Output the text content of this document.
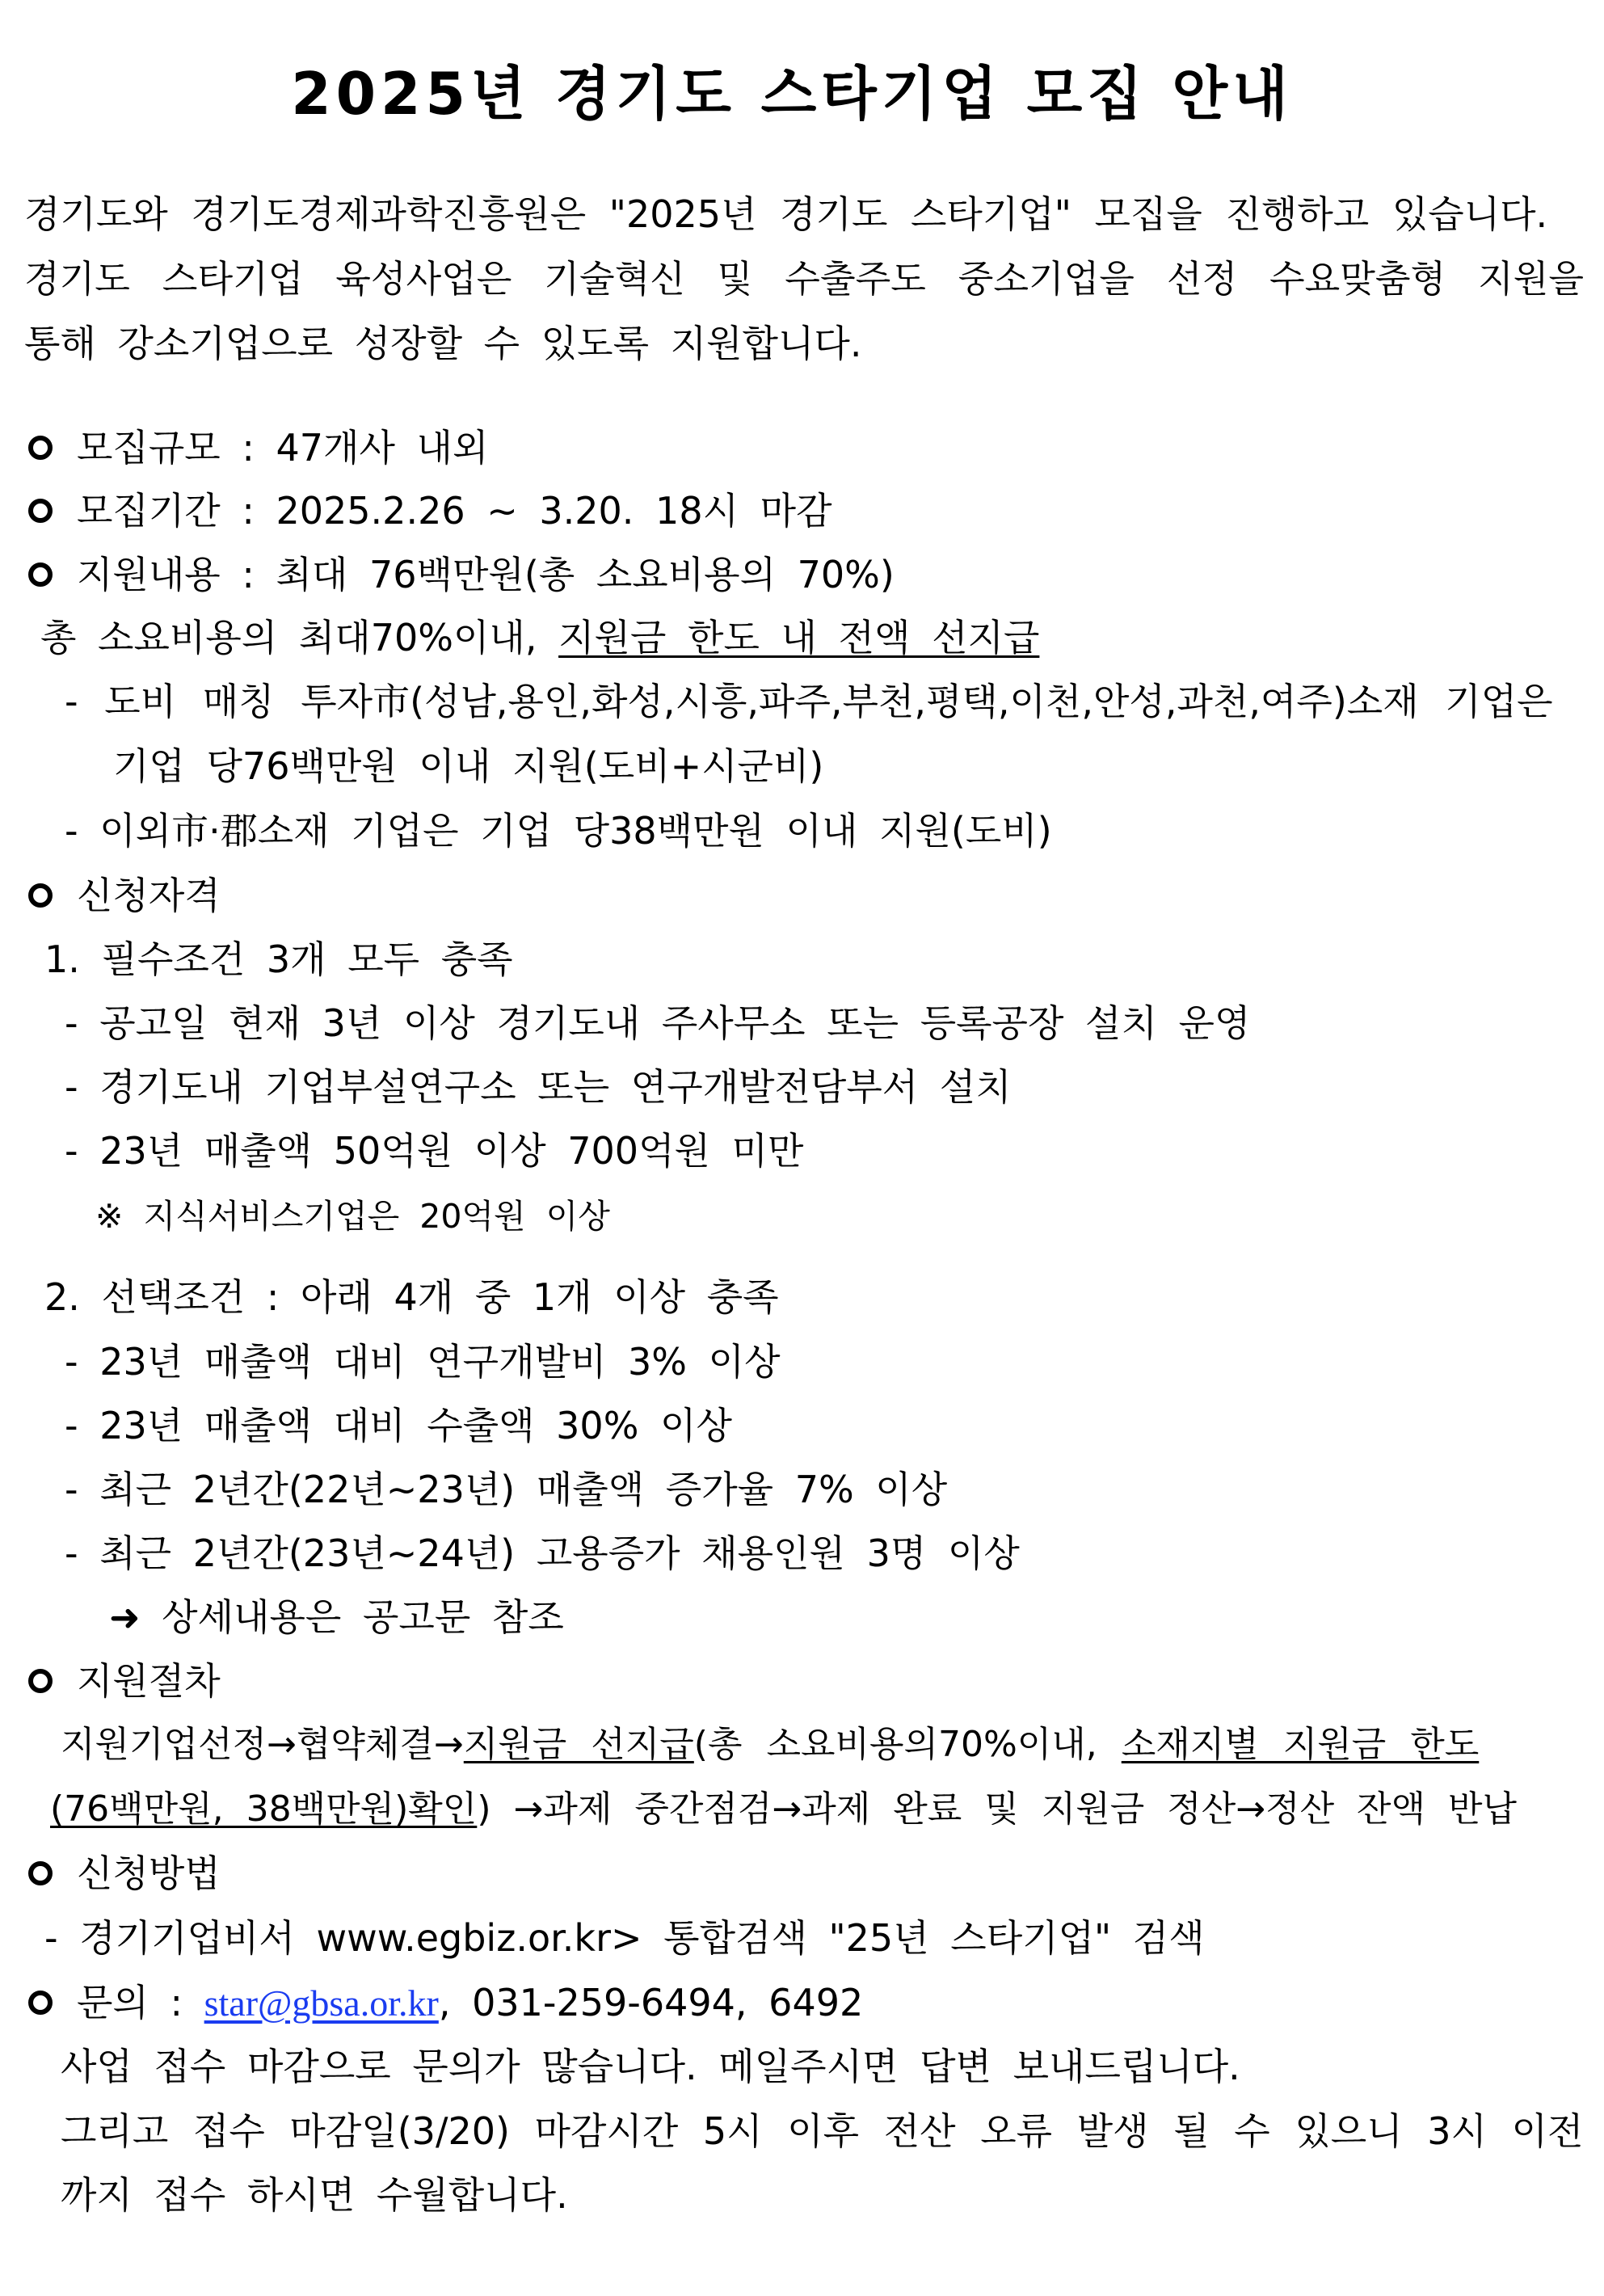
2025년 경기도 스타기업 모집 안내
경기도와 경기도경제과학진흥원은 "2025년 경기도 스타기업" 모집을 진행하고 있습니다.
경기도 스타기업 육성사업은 기술혁신 및 수출주도 중소기업을 선정 수요맞춤형 지원을
통해 강소기업으로 성장할 수 있도록 지원합니다.
모집규모 : 47개사 내외
모집기간 : 2025.2.26 ~ 3.20. 18시 마감
지원내용 : 최대 76백만원(총 소요비용의 70%)
총 소요비용의 최대70%이내, 지원금 한도 내 전액 선지급
- 도비 매칭 투자市(성남,용인,화성,시흥,파주,부천,평택,이천,안성,과천,여주)소재 기업은
기업 당76백만원 이내 지원(도비+시군비)
- 이외市·郡소재 기업은 기업 당38백만원 이내 지원(도비)
신청자격
1. 필수조건 3개 모두 충족
- 공고일 현재 3년 이상 경기도내 주사무소 또는 등록공장 설치 운영
- 경기도내 기업부설연구소 또는 연구개발전담부서 설치
- 23년 매출액 50억원 이상 700억원 미만
※ 지식서비스기업은 20억원 이상
2. 선택조건 : 아래 4개 중 1개 이상 충족
- 23년 매출액 대비 연구개발비 3% 이상
- 23년 매출액 대비 수출액 30% 이상
- 최근 2년간(22년~23년) 매출액 증가율 7% 이상
- 최근 2년간(23년~24년) 고용증가 채용인원 3명 이상
➜ 상세내용은 공고문 참조
지원절차
지원기업선정→협약체결→지원금 선지급(총 소요비용의70%이내, 소재지별 지원금 한도
(76백만원, 38백만원)확인) →과제 중간점검→과제 완료 및 지원금 정산→정산 잔액 반납
신청방법
- 경기기업비서 www.egbiz.or.kr> 통합검색 "25년 스타기업" 검색
문의 : star@gbsa.or.kr, 031-259-6494, 6492
사업 접수 마감으로 문의가 많습니다. 메일주시면 답변 보내드립니다.
그리고 접수 마감일(3/20) 마감시간 5시 이후 전산 오류 발생 될 수 있으니 3시 이전
까지 접수 하시면 수월합니다.
